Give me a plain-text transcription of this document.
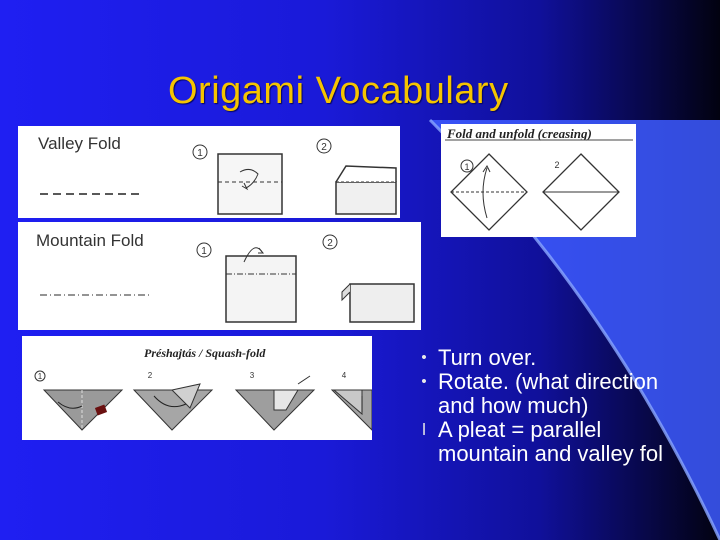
Origami Vocabulary
Valley Fold
1
2
Mountain Fold
1
2
Fold and unfold (creasing)
1	2
Préshajtás / Squash-fold
1	2	3	4
• Turn over.
• Rotate. (what direction
and how much)
l A pleat = parallel
mountain and valley fol
